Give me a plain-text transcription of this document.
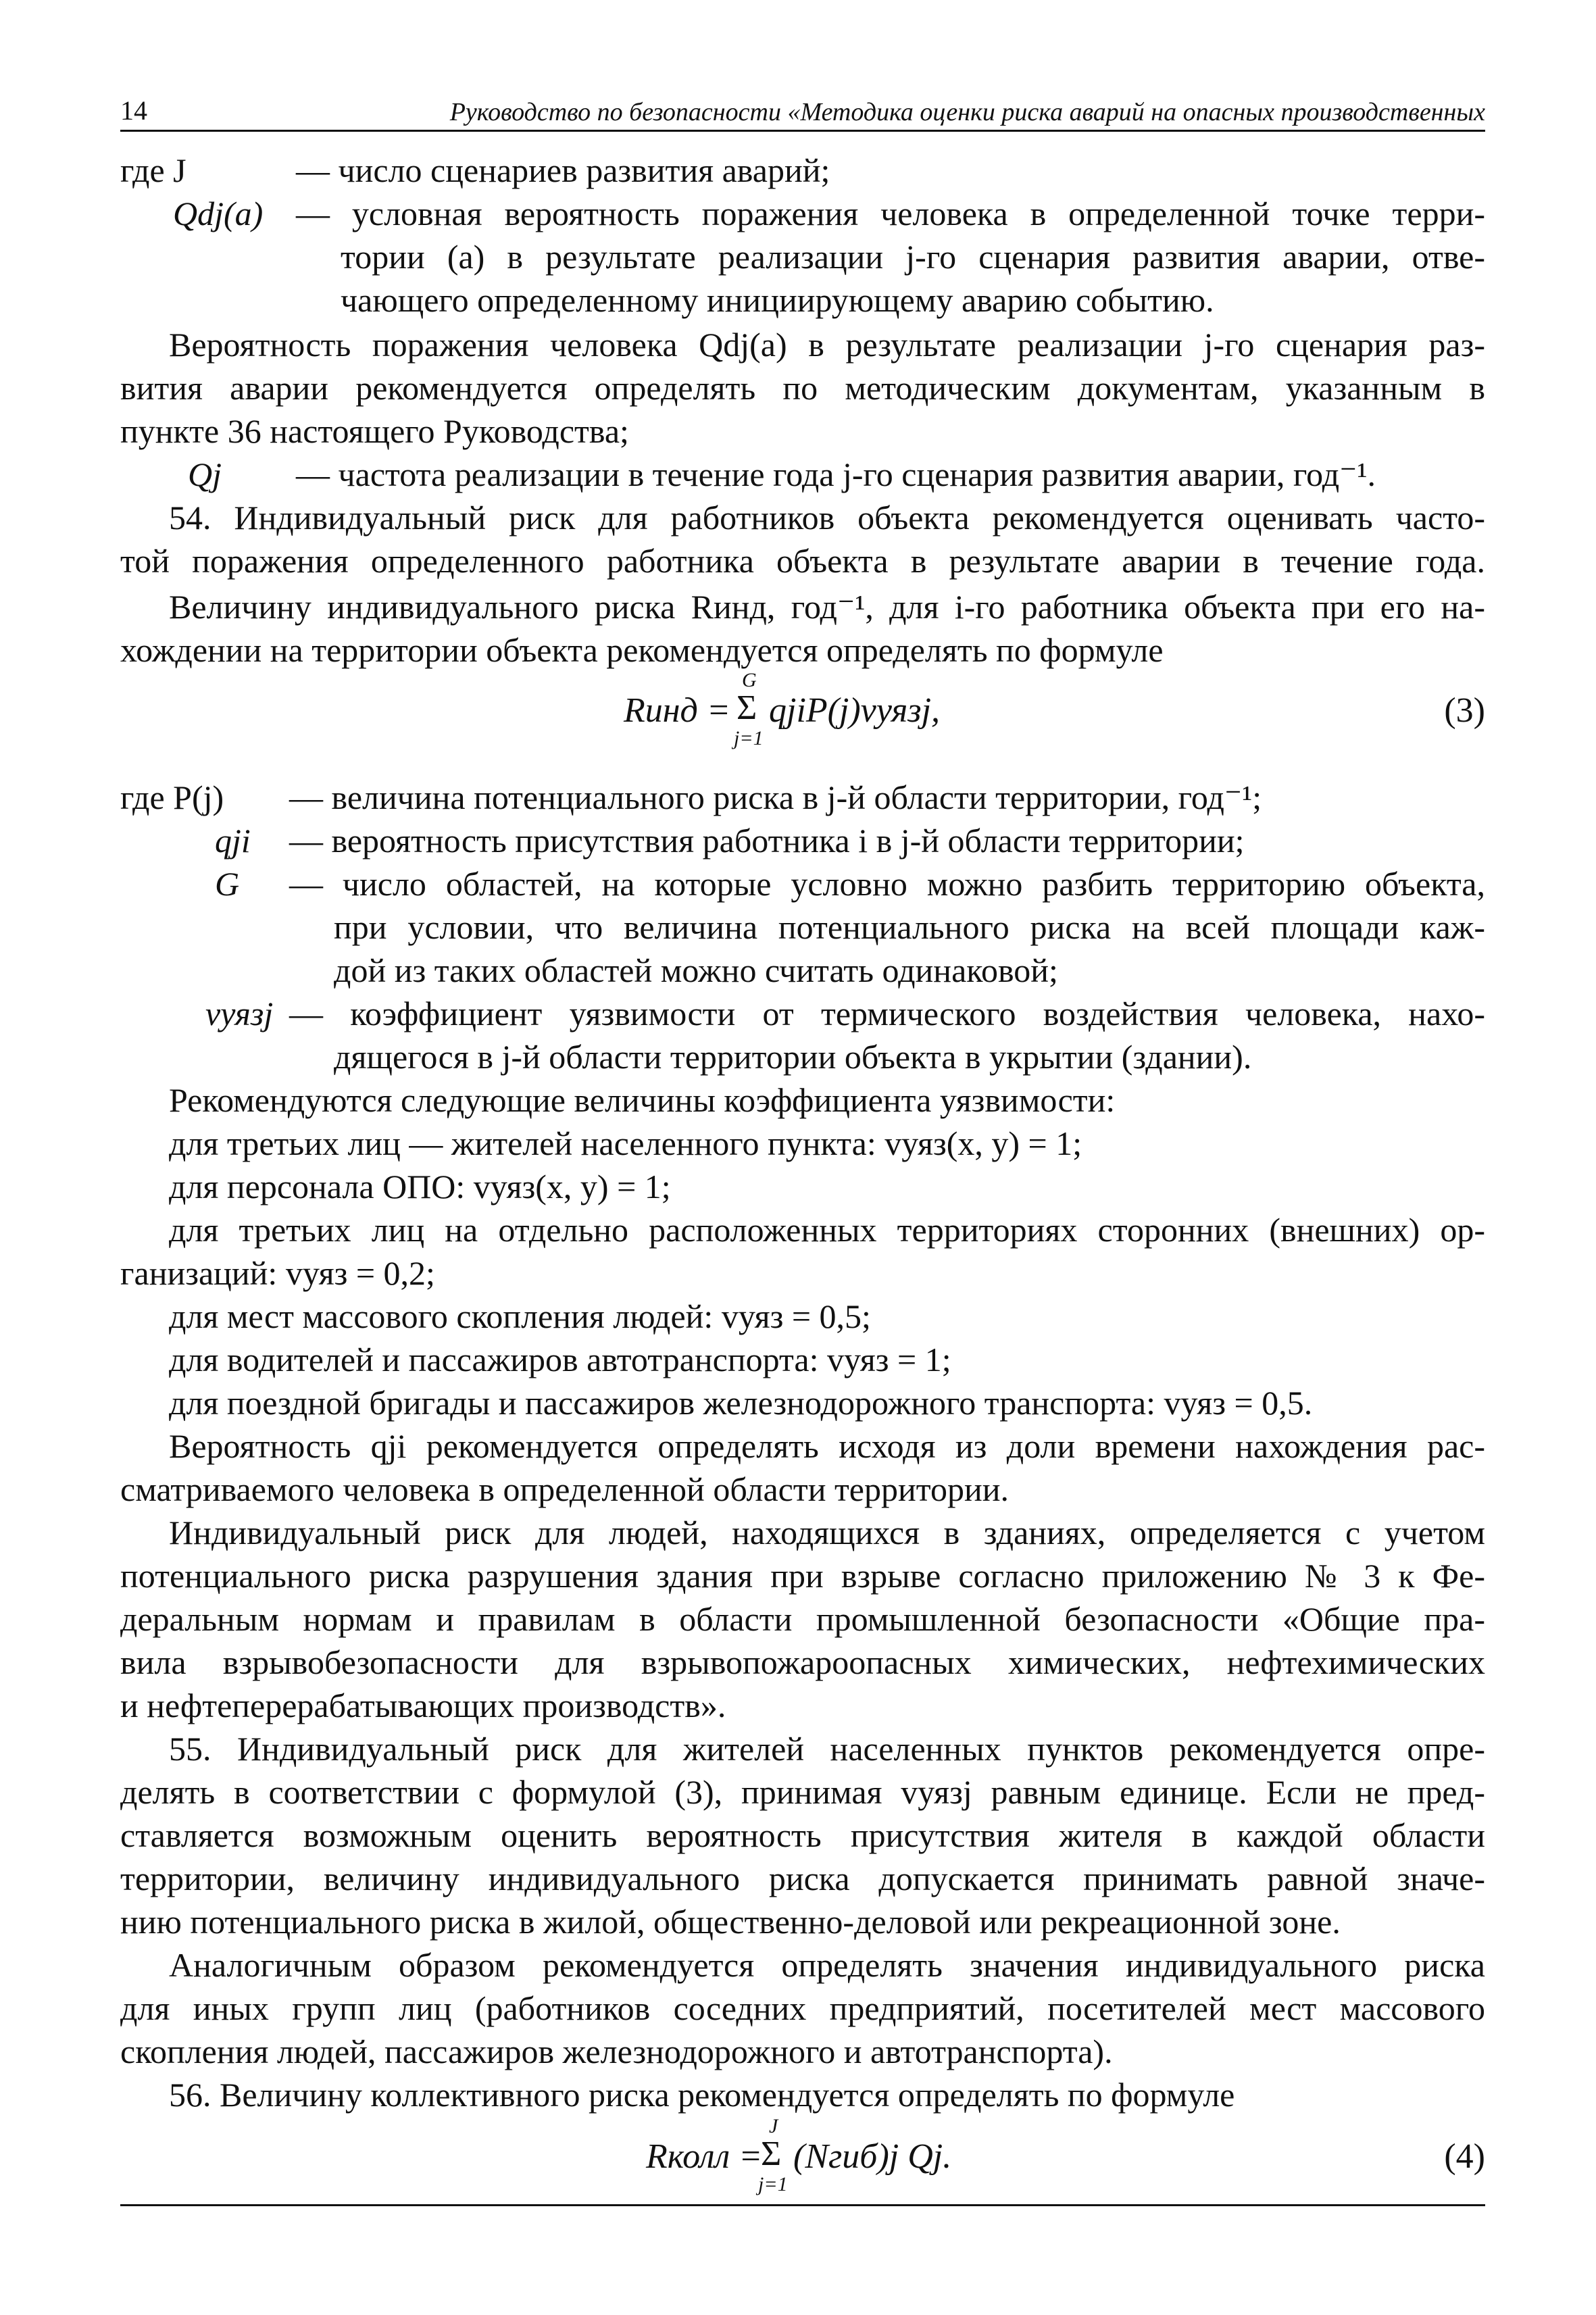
14	Руководство по безопасности «Методика оценки риска аварий на опасных производственных
где J	— число сценариев развития аварий;
Qdj(a) — условная вероятность поражения человека в определенной точке терри-
тории (а) в результате реализации j-го сценария развития аварии, отве-
чающего определенному инициирующему аварию событию.
Вероятность поражения человека Qdj(a) в результате реализации j-го сценария раз-
вития аварии рекомендуется определять по методическим документам, указанным в
пункте 36 настоящего Руководства;
Qj	— частота реализации в течение года j-го сценария развития аварии, год⁻¹.
54. Индивидуальный риск для работников объекта рекомендуется оценивать часто-
той поражения определенного работника объекта в результате аварии в течение года.
Величину индивидуального риска Rинд, год⁻¹, для i-го работника объекта при его на-
хождении на территории объекта рекомендуется определять по формуле
G
Rинд = Σ qjiP(j)vуязj,
j=1
(3)
где P(j)	— величина потенциального риска в j-й области территории, год⁻¹;
qji	— вероятность присутствия работника i в j-й области территории;
G	— число областей, на которые условно можно разбить территорию объекта,
при условии, что величина потенциального риска на всей площади каж-
дой из таких областей можно считать одинаковой;
vуязj — коэффициент уязвимости от термического воздействия человека, нахо-
дящегося в j-й области территории объекта в укрытии (здании).
Рекомендуются следующие величины коэффициента уязвимости:
для третьих лиц — жителей населенного пункта: vуяз(x, y) = 1;
для персонала ОПО: vуяз(x, y) = 1;
для третьих лиц на отдельно расположенных территориях сторонних (внешних) ор-
ганизаций: vуяз = 0,2;
для мест массового скопления людей: vуяз = 0,5;
для водителей и пассажиров автотранспорта: vуяз = 1;
для поездной бригады и пассажиров железнодорожного транспорта: vуяз = 0,5.
Вероятность qji рекомендуется определять исходя из доли времени нахождения рас-
сматриваемого человека в определенной области территории.
Индивидуальный риск для людей, находящихся в зданиях, определяется с учетом
потенциального риска разрушения здания при взрыве согласно приложению № 3 к Фе-
деральным нормам и правилам в области промышленной безопасности «Общие пра-
вила взрывобезопасности для взрывопожароопасных химических, нефтехимических
и нефтеперерабатывающих производств».
55. Индивидуальный риск для жителей населенных пунктов рекомендуется опре-
делять в соответствии с формулой (3), принимая vуязj равным единице. Если не пред-
ставляется возможным оценить вероятность присутствия жителя в каждой области
территории, величину индивидуального риска допускается принимать равной значе-
нию потенциального риска в жилой, общественно-деловой или рекреационной зоне.
Аналогичным образом рекомендуется определять значения индивидуального риска
для иных групп лиц (работников соседних предприятий, посетителей мест массового
скопления людей, пассажиров железнодорожного и автотранспорта).
56. Величину коллективного риска рекомендуется определять по формуле
J
Rколл =
Σ (Nгиб)j Qj.
j=1
(4)
